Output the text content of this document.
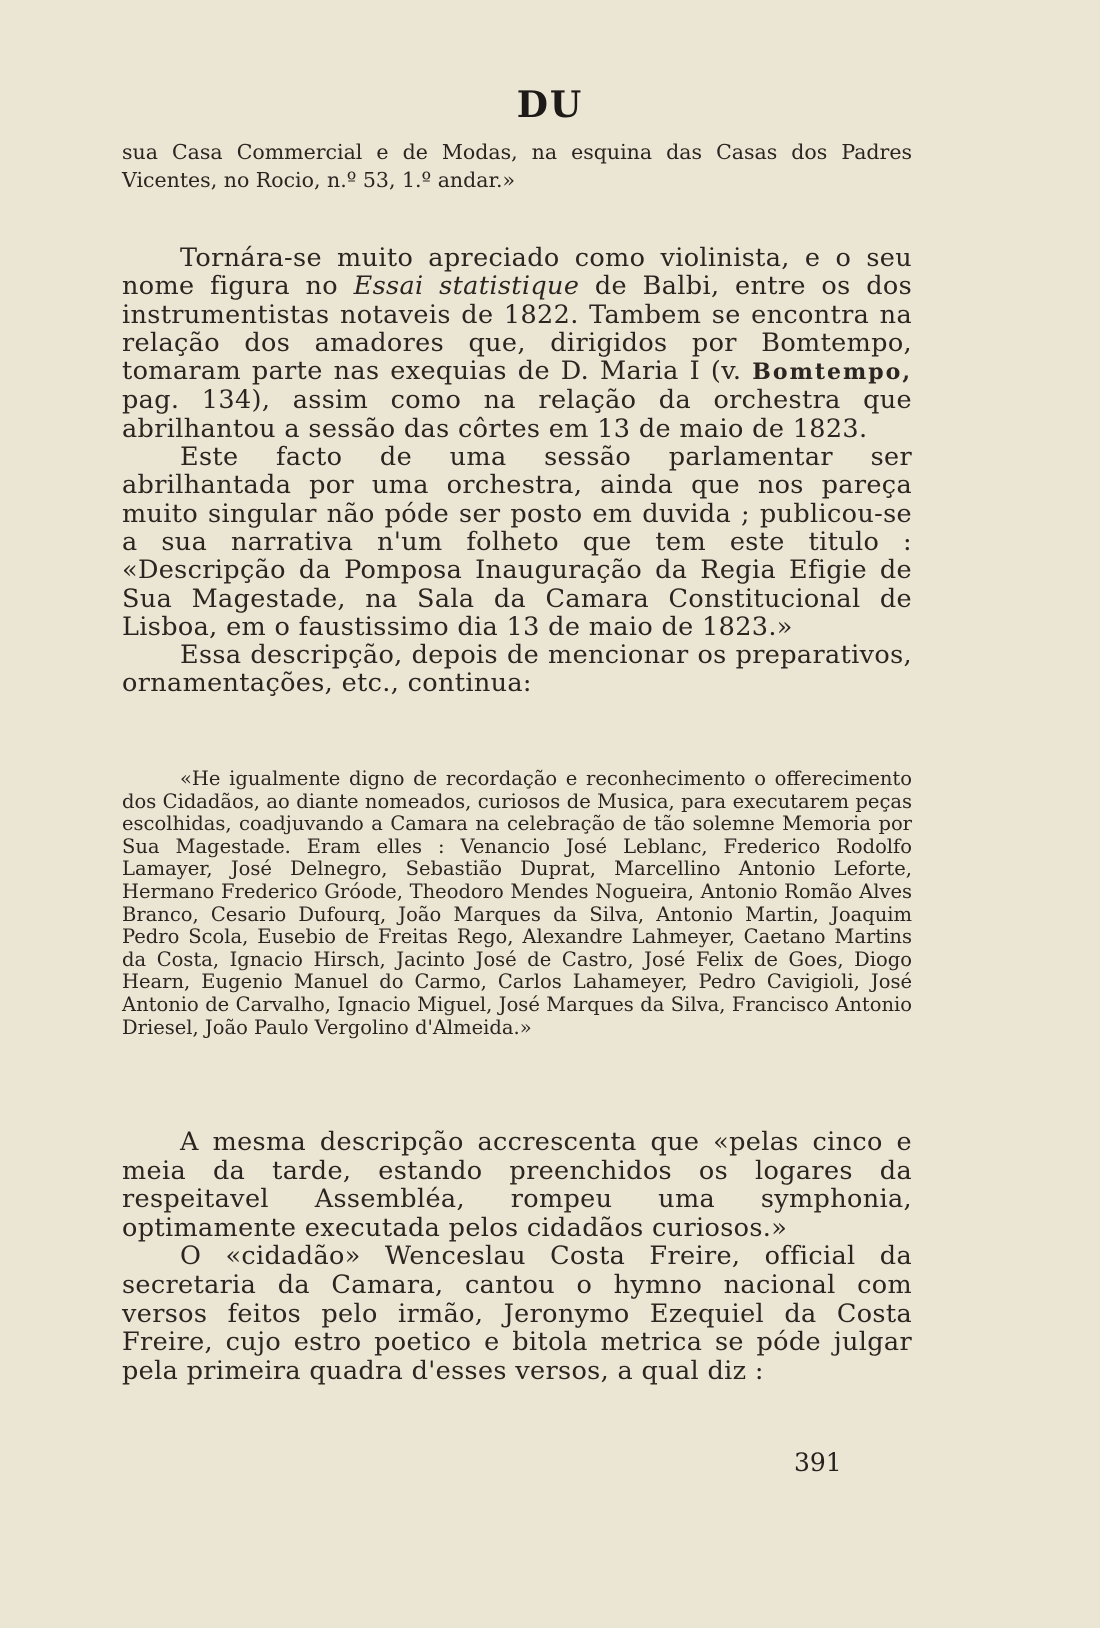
DU

sua Casa Commercial e de Modas, na esquina das Casas dos Padres Vicentes, no Rocio, n.º 53, 1.º andar.»

Tornára-se muito apreciado como violinista, e o seu nome figura no Essai statistique de Balbi, entre os dos instrumentistas notaveis de 1822. Tambem se encontra na relação dos amadores que, dirigidos por Bomtempo, tomaram parte nas exequias de D. Maria I (v. Bomtempo, pag. 134), assim como na relação da orchestra que abrilhantou a sessão das côrtes em 13 de maio de 1823.

Este facto de uma sessão parlamentar ser abrilhantada por uma orchestra, ainda que nos pareça muito singular não póde ser posto em duvida ; publicou-se a sua narrativa n'um folheto que tem este titulo : «Descripção da Pomposa Inauguração da Regia Efigie de Sua Magestade, na Sala da Camara Constitucional de Lisboa, em o faustissimo dia 13 de maio de 1823.»

Essa descripção, depois de mencionar os preparativos, ornamentações, etc., continua:

«He igualmente digno de recordação e reconhecimento o offerecimento dos Cidadãos, ao diante nomeados, curiosos de Musica, para executarem peças escolhidas, coadjuvando a Camara na celebração de tão solemne Memoria por Sua Magestade. Eram elles : Venancio José Leblanc, Frederico Rodolfo Lamayer, José Delnegro, Sebastião Duprat, Marcellino Antonio Leforte, Hermano Frederico Gróode, Theodoro Mendes Nogueira, Antonio Romão Alves Branco, Cesario Dufourq, João Marques da Silva, Antonio Martin, Joaquim Pedro Scola, Eusebio de Freitas Rego, Alexandre Lahmeyer, Caetano Martins da Costa, Ignacio Hirsch, Jacinto José de Castro, José Felix de Goes, Diogo Hearn, Eugenio Manuel do Carmo, Carlos Lahameyer, Pedro Cavigioli, José Antonio de Carvalho, Ignacio Miguel, José Marques da Silva, Francisco Antonio Driesel, João Paulo Vergolino d'Almeida.»

A mesma descripção accrescenta que «pelas cinco e meia da tarde, estando preenchidos os logares da respeitavel Assembléa, rompeu uma symphonia, optimamente executada pelos cidadãos curiosos.»

O «cidadão» Wenceslau Costa Freire, official da secretaria da Camara, cantou o hymno nacional com versos feitos pelo irmão, Jeronymo Ezequiel da Costa Freire, cujo estro poetico e bitola metrica se póde julgar pela primeira quadra d'esses versos, a qual diz :

391
